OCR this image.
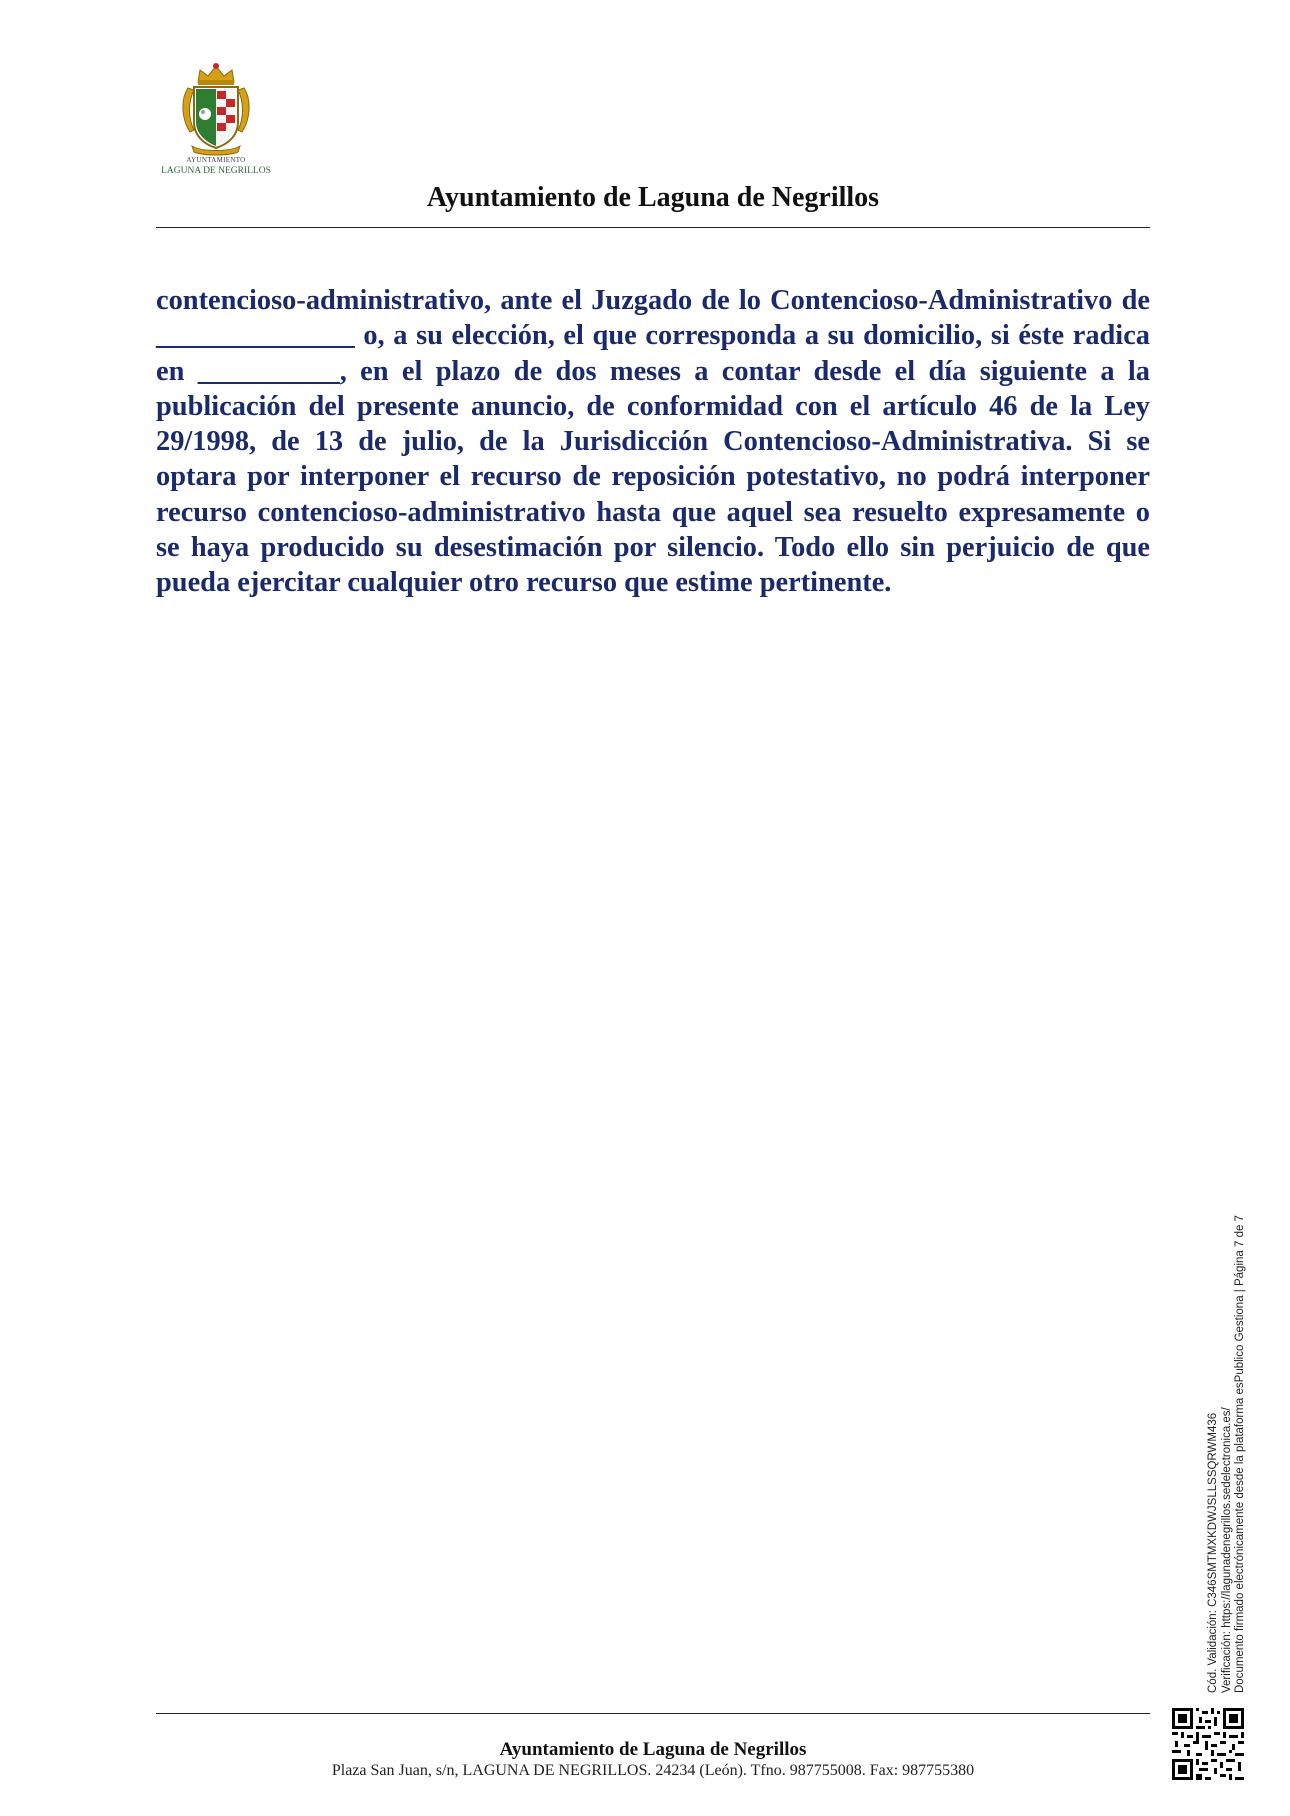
AYUNTAMIENTO
LAGUNA DE NEGRILLOS
Ayuntamiento de Laguna de Negrillos

contencioso-administrativo, ante el Juzgado de lo Contencioso-Administrativo de ______________ o, a su elección, el que corresponda a su domicilio, si éste radica en __________, en el plazo de dos meses a contar desde el día siguiente a la publicación del presente anuncio, de conformidad con el artículo 46 de la Ley 29/1998, de 13 de julio, de la Jurisdicción Contencioso-Administrativa. Si se optara por interponer el recurso de reposición potestativo, no podrá interponer recurso contencioso-administrativo hasta que aquel sea resuelto expresamente o se haya producido su desestimación por silencio. Todo ello sin perjuicio de que pueda ejercitar cualquier otro recurso que estime pertinente.

Cód. Validación: C346SMTMXKDWJSLLSSQRWM436 Verificación: https://lagunadenegrillos.sedelectronica.es/ Documento firmado electrónicamente desde la plataforma esPublico Gestiona | Página 7 de 7
Ayuntamiento de Laguna de Negrillos
Plaza San Juan, s/n, LAGUNA DE NEGRILLOS. 24234 (León). Tfno. 987755008. Fax: 987755380
